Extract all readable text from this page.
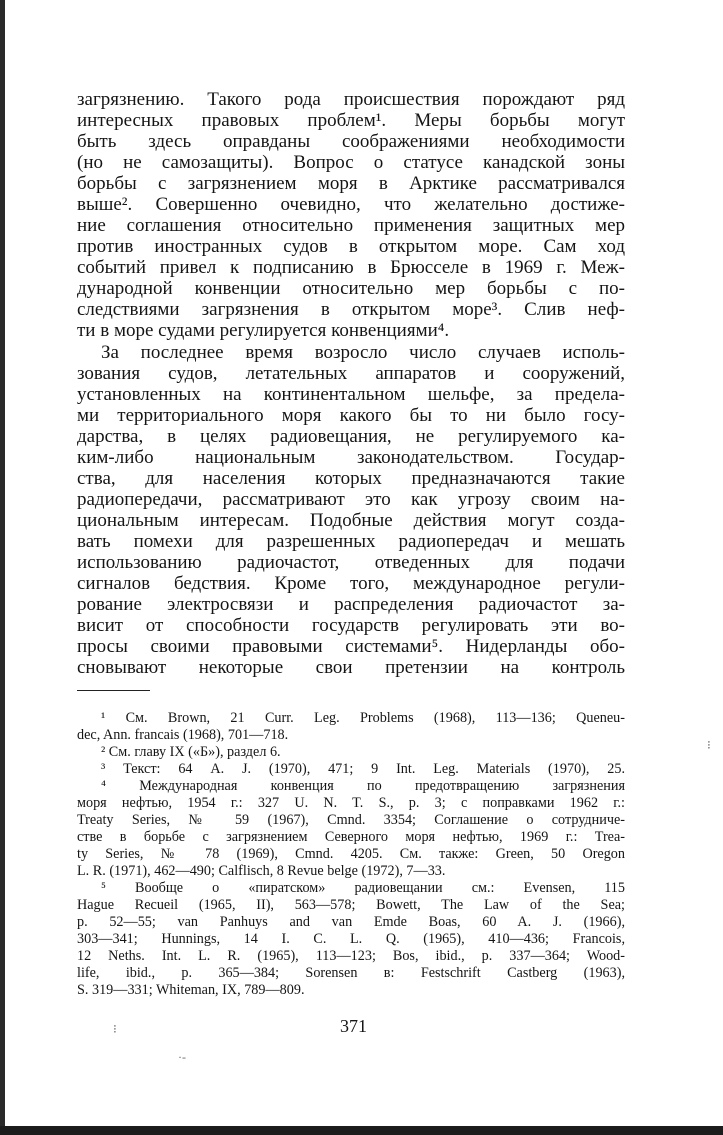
загрязнению. Такого рода происшествия порождают ряд
интересных правовых проблем¹. Меры борьбы могут
быть здесь оправданы соображениями необходимости
(но не самозащиты). Вопрос о статусе канадской зоны
борьбы с загрязнением моря в Арктике рассматривался
выше². Совершенно очевидно, что желательно достиже-
ние соглашения относительно применения защитных мер
против иностранных судов в открытом море. Сам ход
событий привел к подписанию в Брюсселе в 1969 г. Меж-
дународной конвенции относительно мер борьбы с по-
следствиями загрязнения в открытом море³. Слив неф-
ти в море судами регулируется конвенциями⁴.
За последнее время возросло число случаев исполь-
зования судов, летательных аппаратов и сооружений,
установленных на континентальном шельфе, за предела-
ми территориального моря какого бы то ни было госу-
дарства, в целях радиовещания, не регулируемого ка-
ким-либо национальным законодательством. Государ-
ства, для населения которых предназначаются такие
радиопередачи, рассматривают это как угрозу своим на-
циональным интересам. Подобные действия могут созда-
вать помехи для разрешенных радиопередач и мешать
использованию радиочастот, отведенных для подачи
сигналов бедствия. Кроме того, международное регули-
рование электросвязи и распределения радиочастот за-
висит от способности государств регулировать эти во-
просы своими правовыми системами⁵. Нидерланды обо-
сновывают некоторые свои претензии на контроль
¹ См. Brown, 21 Curr. Leg. Problems (1968), 113—136; Queneu-
dec, Ann. francais (1968), 701—718.
² См. главу IX («Б»), раздел 6.
³ Текст: 64 A. J. (1970), 471; 9 Int. Leg. Materials (1970), 25.
⁴ Международная конвенция по предотвращению загрязнения
моря нефтью, 1954 г.: 327 U. N. T. S., p. 3; с поправками 1962 г.:
Treaty Series, № 59 (1967), Cmnd. 3354; Соглашение о сотрудниче-
стве в борьбе с загрязнением Северного моря нефтью, 1969 г.: Trea-
ty Series, № 78 (1969), Cmnd. 4205. См. также: Green, 50 Oregon
L. R. (1971), 462—490; Calflisch, 8 Revue belge (1972), 7—33.
⁵ Вообще о «пиратском» радиовещании см.: Evensen, 115
Hague Recueil (1965, II), 563—578; Bowett, The Law of the Sea;
p. 52—55; van Panhuys and van Emde Boas, 60 A. J. (1966),
303—341; Hunnings, 14 I. C. L. Q. (1965), 410—436; Francois,
12 Neths. Int. L. R. (1965), 113—123; Bos, ibid., p. 337—364; Wood-
life, ibid., p. 365—384; Sorensen в: Festschrift Castberg (1963),
S. 319—331; Whiteman, IX, 789—809.
371
⁝
⁝
·-
